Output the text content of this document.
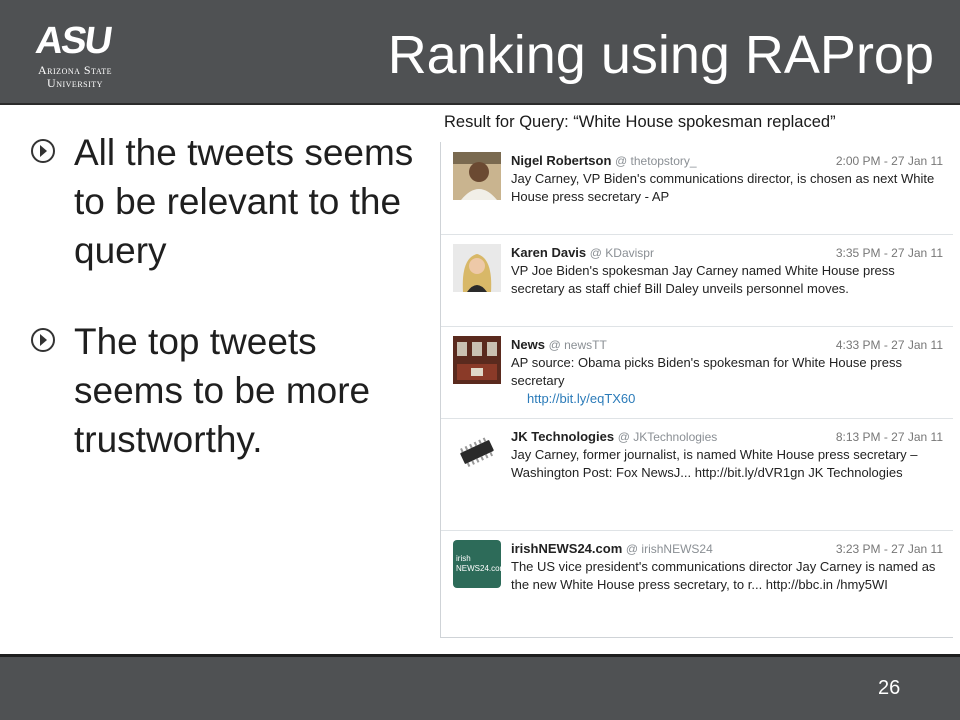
ASU
Arizona State
University	Ranking using RAProp
All the tweets seems to be relevant to the query
The top tweets seems to be more trustworthy.
Result for Query: “White House spokesman replaced”
Nigel Robertson @ thetopstory_	2:00 PM - 27 Jan 11
Jay Carney, VP Biden's communications director, is chosen as next White House press secretary - AP
Karen Davis @ KDavispr	3:35 PM - 27 Jan 11
VP Joe Biden's spokesman Jay Carney named White House press secretary as staff chief Bill Daley unveils personnel moves.
News @ newsTT	4:33 PM - 27 Jan 11
AP source: Obama picks Biden's spokesman for White House press secretary
http://bit.ly/eqTX60
JK Technologies @ JKTechnologies	8:13 PM - 27 Jan 11
Jay Carney, former journalist, is named White House press secretary – Washington Post: Fox NewsJ... http://bit.ly/dVR1gn JK Technologies
irish NEWS24.com
irishNEWS24.com @ irishNEWS24	3:23 PM - 27 Jan 11
The US vice president's communications director Jay Carney is named as the new White House press secretary, to r... http://bbc.in /hmy5WI
26
